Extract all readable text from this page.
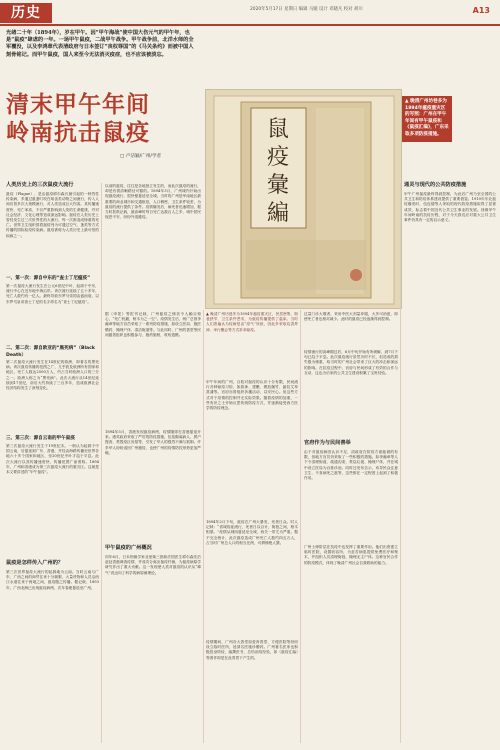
历史	2020年5月17日 星期日 编辑 马媛 设计 邓晓凡 校对 胡川	A13
光绪二十年（1894年），岁在甲午。因“甲午海战”使中国大伤元气的甲午年，也是“鼠疫”肆虐的一年。一场甲午鼠疫，二战甲午战争。甲午战争前，北洋水师的全军覆没，以及李鸿章代表清政府与日本签订“丧权辱国”的《马关条约》而被中国人刻骨铭记。而甲午鼠疫，国人来至今无法消灭疫症，也不应该被淡忘。
清末甲午年间
岭南抗击鼠疫
□ 卢洁颖/广州/学者
鼠
疫
彙
編
▲ 晚清广州坊巷多为1894年瘟疫重灾区的写照：广州在甲午年间有甲午鼠疫和《鼠疫汇编》，广东采取多项防疫措施。
人类历史上的三次鼠疫大流行
鼠疫（Plague），是由鼠疫耶尔森氏菌引起的一种烈性传染病，多通过鼠蚤叮咬在啮齿类动物之间流行，传入人间后曾多次大规模流行，对人类造成巨大伤害。其传播速度快、死亡率高，不仅严重影响到人类的生命健康，并对社会经济、文化心理等造成深远影响。鼠疫在人类历史上曾经发生过三次世界性的大流行，每一次都造成惨重的死亡。世界卫生组织曾将鼠疫列为可通过空气、蚤类等方式传播的国际检疫传染病。鼠疫被称为人类历史上最可怕的疾病之一。
一、第一次：源自中东的“查士丁尼瘟疫”
第一次鼠疫大流行发生在公元6世纪中叶，起源于中东，流行中心在近东地中海沿岸。该次流行延续了五十多年，死亡人数约有一亿人。最终导致东罗马帝国由盛而衰，以东罗马皇帝查士丁尼的名字命名为“查士丁尼瘟疫”。
二、第二次：源自欧亚的“黑死病”（Black Death）
第二次鼠疫大流行发生在14世纪的欧洲，即著名的黑死病。该次鼠疫传播的范围之广，几乎波及欧洲所有国家和地区，死亡人数达2500万人，约占当时欧洲人口的三分之一。欧洲人称之为“黑死病”。此次大流行从14世纪延续到17世纪，前后大约持续了三百多年，造成欧洲社会经济结构发生了深刻变化。
三、第三次：源自云南的甲午鼠疫
第三次鼠疫大流行发生于19世纪末。一般认为起源于中国云南，后蔓延到广东、香港，并经由海路传播至世界各地六十多个国家和地区，至20世纪中叶才趋于平息。此次大流行以其传播速度快、传播范围广而著称。1894年，广州和香港成为第三次鼠疫大流行的重灾区。这就是本文要讲述的“甲午鼠疫”。
鼠疫是怎样传入广州的？
第三次世界鼠疫大流行的起源地为云南。当时云南与广东、广西之间的商贸往来十分频繁，大量货物和人员沿西江水道往来于两地之间，鼠疫随之传播。据记载，1893年，广西北海已出现鼠疫病例，次年春便蔓延至广州。
以前的鼠疫，往往是各地独立发生的，而此次鼠疫的流行，却是有着清晰路径可循的。1894年3月，广州城内开始出现鼠疫流行，很快便蔓延至全城。当时的广州是华南地区最重要的商业城市和交通枢纽，人口稠密，卫生条件较差，为鼠疫的流行提供了条件。疫情爆发后，病死者迅速增加，据当时报纸记载，最高峰时每日死亡达数百人之多，城中居民惶恐不安，纷纷外逃避疫。
据《申报》等报刊记载，广州鼠疫之惨状令人触目惊心，“死亡枕藉，棺木为之一空”。疫情发生后，两广总督李瀚章等地方官员采取了一系列防疫措施，如设立医局、施医赠药、掩埋尸体、清洁街道等。与此同时，广州的善堂等民间慈善组织也积极参与，施药施棺，收殓遗骸。
1894年5月，香港发现鼠疫病例，疫情随即在香港蔓延开来。港英政府采取了严厉的防疫措施，包括隔离病人、挨户搜查、焚毁疫区房屋等，引发了华人的强烈不满与抵制。许多华人纷纷返回广州避疫，也使广州的疫情防控形势更加严峻。
甲午鼠疫的广州概况
同年6月，日本细菌学家北里柴三郎和法国医生耶尔森先后赶赴香港调查疫情，并成功分离出鼠疫杆菌，为鼠疫病原学研究作出了重大贡献。这一发现使人类对鼠疫的认识从“瘴气”说迈向了科学的病原菌理论。
▲ 晚清广州坊巷多为1894年瘟疫重灾区，民居密集、街巷狭窄、卫生条件恶劣，为鼠疫传播提供了温床。当时人们普遍认为疫病是由“疫气”所致，因此多采取烧香拜神、举行醮会等方式祈求驱疫。
甲午年间的广州，百姓对鼠疫的认识十分有限，民间流行各种驱疫习俗，如游神、建醮、燃放爆竹、悬挂艾草菖蒲等。官府亦曾组织祈禳活动，以安民心。但这些方式对于疫情的控制并无实际效果。随着疫情的加重，一些有识之士开始反思传统防疫方式，并逐渐接受西方医学的防疫理念。
1894年2月下旬，鼠疫在广州大暴发，死者日众。时人记载：“省城疫症流行，死者日以百计，街巷之间，棺木相望。”疫情从城西蔓延至全城，西关一带尤为严重。据不完全统计，此次鼠疫造成广州死亡人数约四五万人，占当时广州总人口的相当比例，可谓惨绝人寰。
疫情期间，广州各大善堂如爱育善堂、方便医院等纷纷设立临时医所，延请名医施诊赠药。广州著名医家也积极投身防疫，编撰医书，总结治疫经验，如《鼠疫汇编》等著作即是在此背景下产生的。
过量门诊大增者，采用中医大剂量冲服，大多可治愈，即使死亡者也相对减少。此时的鼠疫已经逐渐得到控制。
疫情流行的高峰期过后，6月中旬开始有所缓解，到7月下旬已趋于平息。此次鼠疫流行虽然历时不长，但造成的损失极为惨重，给当时的广州社会带来了巨大的冲击和深远的影响。在抗疫过程中，官府与民间形成了有效的合作与互动，这也为后来的公共卫生建设积累了宝贵经验。
官府作为与民间善举
由于对鼠疫病因认识不足，清政府在防疫方面能做的有限，但地方官员仍采取了一些积极的措施。如李瀚章等人下令清理街道、疏通沟渠、焚烧垃圾、掩埋尸体，并在城中设立医局为百姓诊治。同时还发布告示，劝导民众注意卫生、不食病死之鼠等，这些都在一定程度上起到了积极作用。
广州士绅阶层在抗疫中也发挥了重要作用。他们出资建立临时医院，设置收容所，为贫苦病患提供免费医疗和棺木，并组织人员清理街巷，掩埋无主尸体。这种官民合作的防疫模式，体现了晚清广州社会自我救助的能力。
通灵与现代的公共防疫措施
甲午广州鼠疫最终得到控制，为此后广州乃至全国的公共卫生和防疫体系建设提供了重要借鉴。1910年东北鼠疫爆发时，伍连德等人采取的现代防疫措施取得了显著成效，标志着中国近代公共卫生事业的发展。回顾甲午年间岭南的抗疫历程，对于今天我们应对重大公共卫生事件仍具有一定的启示意义。
